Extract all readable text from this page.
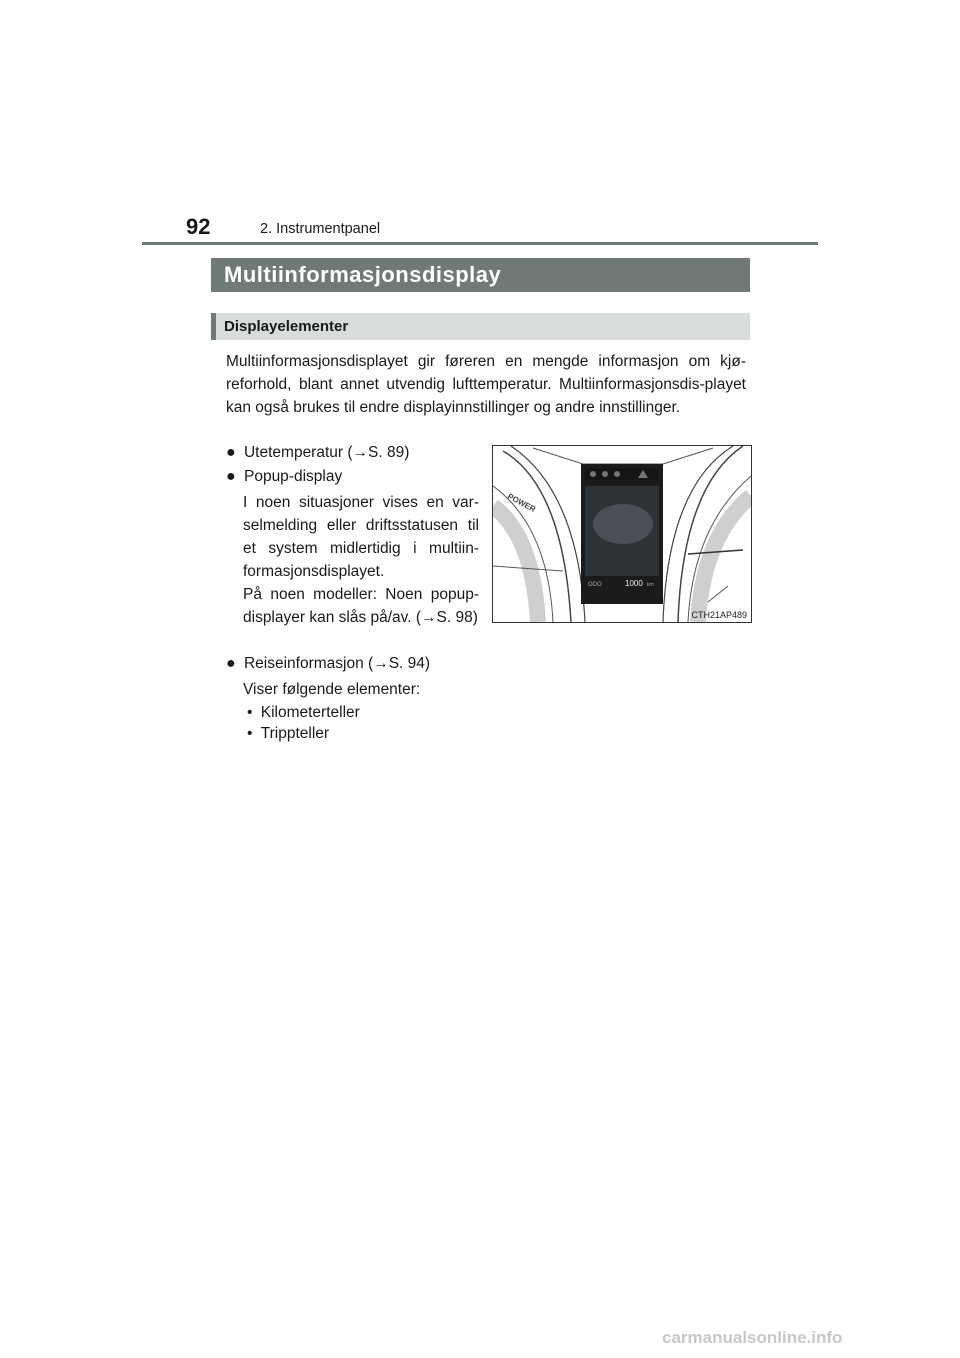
92	2. Instrumentpanel
Multiinformasjonsdisplay
Displayelementer
Multiinformasjonsdisplayet gir føreren en mengde informasjon om kjø-reforhold, blant annet utvendig lufttemperatur. Multiinformasjonsdis-playet kan også brukes til endre displayinnstillinger og andre innstillinger.
● Utetemperatur (→S. 89)
● Popup-display
I noen situasjoner vises en var-selmelding eller driftsstatusen til et system midlertidig i multiin-formasjonsdisplayet.
På noen modeller: Noen popup-displayer kan slås på/av. (→S. 98)
● Reiseinformasjon (→S. 94)
Viser følgende elementer:
• Kilometerteller
• Trippteller
POWER
ODO	1000 km
CTH21AP489
carmanualsonline.info
